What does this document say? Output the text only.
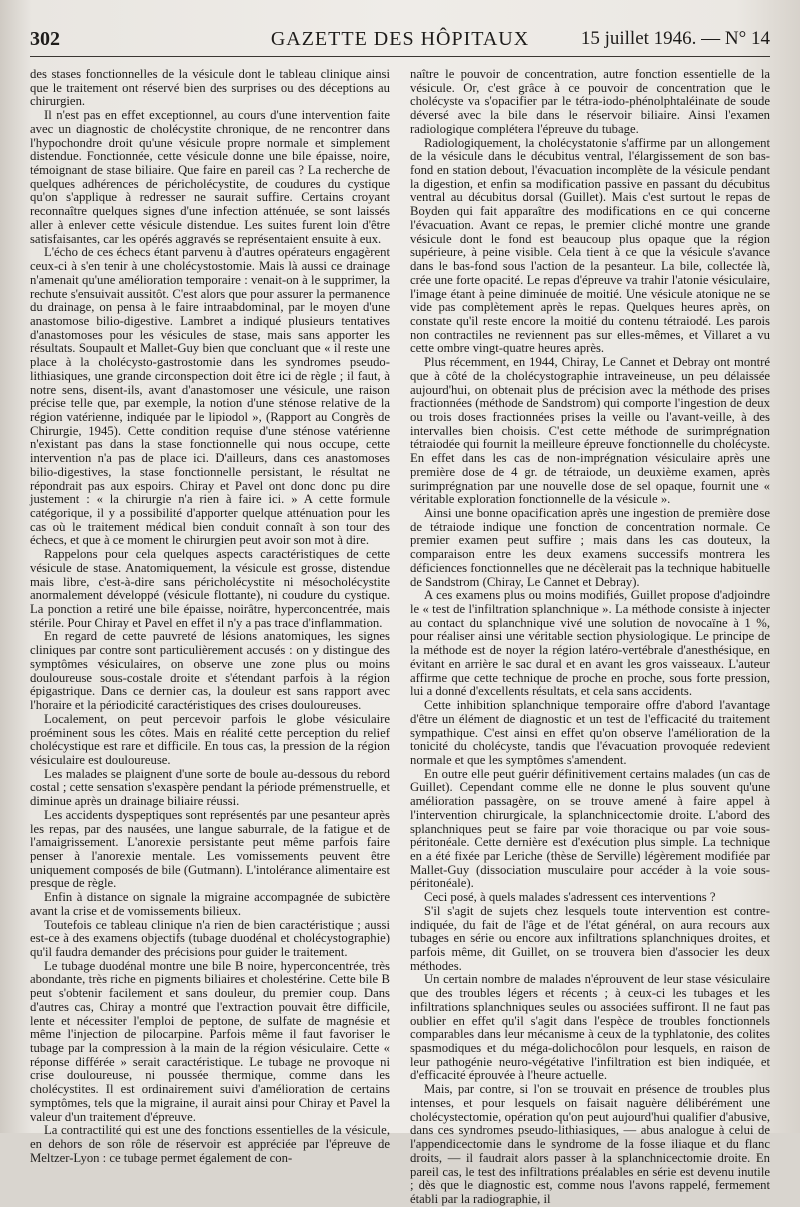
302	GAZETTE DES HÔPITAUX	15 juillet 1946. — N° 14

des stases fonctionnelles de la vésicule dont le tableau clinique ainsi que le traitement ont réservé bien des surprises ou des déceptions au chirurgien.

Il n'est pas en effet exceptionnel, au cours d'une intervention faite avec un diagnostic de cholécystite chronique, de ne rencontrer dans l'hypochondre droit qu'une vésicule propre normale et simplement distendue. Fonctionnée, cette vésicule donne une bile épaisse, noire, témoignant de stase biliaire. Que faire en pareil cas ? La recherche de quelques adhérences de péricholécystite, de coudures du cystique qu'on s'applique à redresser ne saurait suffire. Certains croyant reconnaître quelques signes d'une infection atténuée, se sont laissés aller à enlever cette vésicule distendue. Les suites furent loin d'être satisfaisantes, car les opérés aggravés se représentaient ensuite à eux.

L'écho de ces échecs étant parvenu à d'autres opérateurs engagèrent ceux-ci à s'en tenir à une cholécystostomie. Mais là aussi ce drainage n'amenait qu'une amélioration temporaire : venait-on à le supprimer, la rechute s'ensuivait aussitôt. C'est alors que pour assurer la permanence du drainage, on pensa à le faire intraabdominal, par le moyen d'une anastomose bilio-digestive. Lambret a indiqué plusieurs tentatives d'anastomoses pour les vésicules de stase, mais sans apporter les résultats. Soupault et Mallet-Guy bien que concluant que « il reste une place à la cholécysto-gastrostomie dans les syndromes pseudo-lithiasiques, une grande circonspection doit être ici de règle ; il faut, à notre sens, disent-ils, avant d'anastomoser une vésicule, une raison précise telle que, par exemple, la notion d'une sténose relative de la région vatérienne, indiquée par le lipiodol », (Rapport au Congrès de Chirurgie, 1945). Cette condition requise d'une sténose vatérienne n'existant pas dans la stase fonctionnelle qui nous occupe, cette intervention n'a pas de place ici. D'ailleurs, dans ces anastomoses bilio-digestives, la stase fonctionnelle persistant, le résultat ne répondrait pas aux espoirs. Chiray et Pavel ont donc donc pu dire justement : « la chirurgie n'a rien à faire ici. » A cette formule catégorique, il y a possibilité d'apporter quelque atténuation pour les cas où le traitement médical bien conduit connaît à son tour des échecs, et que à ce moment le chirurgien peut avoir son mot à dire.

Rappelons pour cela quelques aspects caractéristiques de cette vésicule de stase. Anatomiquement, la vésicule est grosse, distendue mais libre, c'est-à-dire sans péricholécystite ni mésocholécystite anormalement développé (vésicule flottante), ni coudure du cystique. La ponction a retiré une bile épaisse, noirâtre, hyperconcentrée, mais stérile. Pour Chiray et Pavel en effet il n'y a pas trace d'inflammation.

En regard de cette pauvreté de lésions anatomiques, les signes cliniques par contre sont particulièrement accusés : on y distingue des symptômes vésiculaires, on observe une zone plus ou moins douloureuse sous-costale droite et s'étendant parfois à la région épigastrique. Dans ce dernier cas, la douleur est sans rapport avec l'horaire et la périodicité caractéristiques des crises douloureuses.

Localement, on peut percevoir parfois le globe vésiculaire proéminent sous les côtes. Mais en réalité cette perception du relief cholécystique est rare et difficile. En tous cas, la pression de la région vésiculaire est douloureuse.

Les malades se plaignent d'une sorte de boule au-dessous du rebord costal ; cette sensation s'exaspère pendant la période prémenstruelle, et diminue après un drainage biliaire réussi.

Les accidents dyspeptiques sont représentés par une pesanteur après les repas, par des nausées, une langue saburrale, de la fatigue et de l'amaigrissement. L'anorexie persistante peut même parfois faire penser à l'anorexie mentale. Les vomissements peuvent être uniquement composés de bile (Gutmann). L'intolérance alimentaire est presque de règle.

Enfin à distance on signale la migraine accompagnée de subictère avant la crise et de vomissements bilieux.

Toutefois ce tableau clinique n'a rien de bien caractéristique ; aussi est-ce à des examens objectifs (tubage duodénal et cholécystographie) qu'il faudra demander des précisions pour guider le traitement.

Le tubage duodénal montre une bile B noire, hyperconcentrée, très abondante, très riche en pigments biliaires et cholestérine. Cette bile B peut s'obtenir facilement et sans douleur, du premier coup. Dans d'autres cas, Chiray a montré que l'extraction pouvait être difficile, lente et nécessiter l'emploi de peptone, de sulfate de magnésie et même l'injection de pilocarpine. Parfois même il faut favoriser le tubage par la compression à la main de la région vésiculaire. Cette « réponse différée » serait caractéristique. Le tubage ne provoque ni crise douloureuse, ni poussée thermique, comme dans les cholécystites. Il est ordinairement suivi d'amélioration de certains symptômes, tels que la migraine, il aurait ainsi pour Chiray et Pavel la valeur d'un traitement d'épreuve.

La contractilité qui est une des fonctions essentielles de la vésicule, en dehors de son rôle de réservoir est appréciée par l'épreuve de Meltzer-Lyon : ce tubage permet également de con-

naître le pouvoir de concentration, autre fonction essentielle de la vésicule. Or, c'est grâce à ce pouvoir de concentration que le cholécyste va s'opacifier par le tétra-iodo-phénolphtaléinate de soude déversé avec la bile dans le réservoir biliaire. Ainsi l'examen radiologique complétera l'épreuve du tubage.

Radiologiquement, la cholécystatonie s'affirme par un allongement de la vésicule dans le décubitus ventral, l'élargissement de son bas-fond en station debout, l'évacuation incomplète de la vésicule pendant la digestion, et enfin sa modification passive en passant du décubitus ventral au décubitus dorsal (Guillet). Mais c'est surtout le repas de Boyden qui fait apparaître des modifications en ce qui concerne l'évacuation. Avant ce repas, le premier cliché montre une grande vésicule dont le fond est beaucoup plus opaque que la région supérieure, à peine visible. Cela tient à ce que la vésicule s'avance dans le bas-fond sous l'action de la pesanteur. La bile, collectée là, crée une forte opacité. Le repas d'épreuve va trahir l'atonie vésiculaire, l'image étant à peine diminuée de moitié. Une vésicule atonique ne se vide pas complètement après le repas. Quelques heures après, on constate qu'il reste encore la moitié du contenu tétraiodé. Les parois non contractiles ne reviennent pas sur elles-mêmes, et Villaret a vu cette ombre vingt-quatre heures après.

Plus récemment, en 1944, Chiray, Le Cannet et Debray ont montré que à côté de la cholécystographie intraveineuse, un peu délaissée aujourd'hui, on obtenait plus de précision avec la méthode des prises fractionnées (méthode de Sandstrom) qui comporte l'ingestion de deux ou trois doses fractionnées prises la veille ou l'avant-veille, à des intervalles bien choisis. C'est cette méthode de surimprégnation tétraiodée qui fournit la meilleure épreuve fonctionnelle du cholécyste. En effet dans les cas de non-imprégnation vésiculaire après une première dose de 4 gr. de tétraiode, un deuxième examen, après surimprégnation par une nouvelle dose de sel opaque, fournit une « véritable exploration fonctionnelle de la vésicule ».

Ainsi une bonne opacification après une ingestion de première dose de tétraiode indique une fonction de concentration normale. Ce premier examen peut suffire ; mais dans les cas douteux, la comparaison entre les deux examens successifs montrera les déficiences fonctionnelles que ne décèlerait pas la technique habituelle de Sandstrom (Chiray, Le Cannet et Debray).

A ces examens plus ou moins modifiés, Guillet propose d'adjoindre le « test de l'infiltration splanchnique ». La méthode consiste à injecter au contact du splanchnique vivé une solution de novocaïne à 1 %, pour réaliser ainsi une véritable section physiologique. Le principe de la méthode est de noyer la région latéro-vertébrale d'anesthésique, en évitant en arrière le sac dural et en avant les gros vaisseaux. L'auteur affirme que cette technique de proche en proche, sous forte pression, lui a donné d'excellents résultats, et cela sans accidents.

Cette inhibition splanchnique temporaire offre d'abord l'avantage d'être un élément de diagnostic et un test de l'efficacité du traitement sympathique. C'est ainsi en effet qu'on observe l'amélioration de la tonicité du cholécyste, tandis que l'évacuation provoquée redevient normale et que les symptômes s'amendent.

En outre elle peut guérir définitivement certains malades (un cas de Guillet). Cependant comme elle ne donne le plus souvent qu'une amélioration passagère, on se trouve amené à faire appel à l'intervention chirurgicale, la splanchnicectomie droite. L'abord des splanchniques peut se faire par voie thoracique ou par voie sous-péritonéale. Cette dernière est d'exécution plus simple. La technique en a été fixée par Leriche (thèse de Serville) légèrement modifiée par Mallet-Guy (dissociation musculaire pour accéder à la voie sous-péritonéale).

Ceci posé, à quels malades s'adressent ces interventions ?

S'il s'agit de sujets chez lesquels toute intervention est contre-indiquée, du fait de l'âge et de l'état général, on aura recours aux tubages en série ou encore aux infiltrations splanchniques droites, et parfois même, dit Guillet, on se trouvera bien d'associer les deux méthodes.

Un certain nombre de malades n'éprouvent de leur stase vésiculaire que des troubles légers et récents ; à ceux-ci les tubages et les infiltrations splanchniques seules ou associées suffiront. Il ne faut pas oublier en effet qu'il s'agit dans l'espèce de troubles fonctionnels comparables dans leur mécanisme à ceux de la typhlatonie, des colites spasmodiques et du méga-dolichocôlon pour lesquels, en raison de leur pathogénie neuro-végétative l'infiltration est bien indiquée, et d'efficacité éprouvée à l'heure actuelle.

Mais, par contre, si l'on se trouvait en présence de troubles plus intenses, et pour lesquels on faisait naguère délibérément une cholécystectomie, opération qu'on peut aujourd'hui qualifier d'abusive, dans ces syndromes pseudo-lithiasiques, — abus analogue à celui de l'appendicectomie dans le syndrome de la fosse iliaque et du flanc droits, — il faudrait alors passer à la splanchnicectomie droite. En pareil cas, le test des infiltrations préalables en série est devenu inutile ; dès que le diagnostic est, comme nous l'avons rappelé, fermement établi par la radiographie, il
